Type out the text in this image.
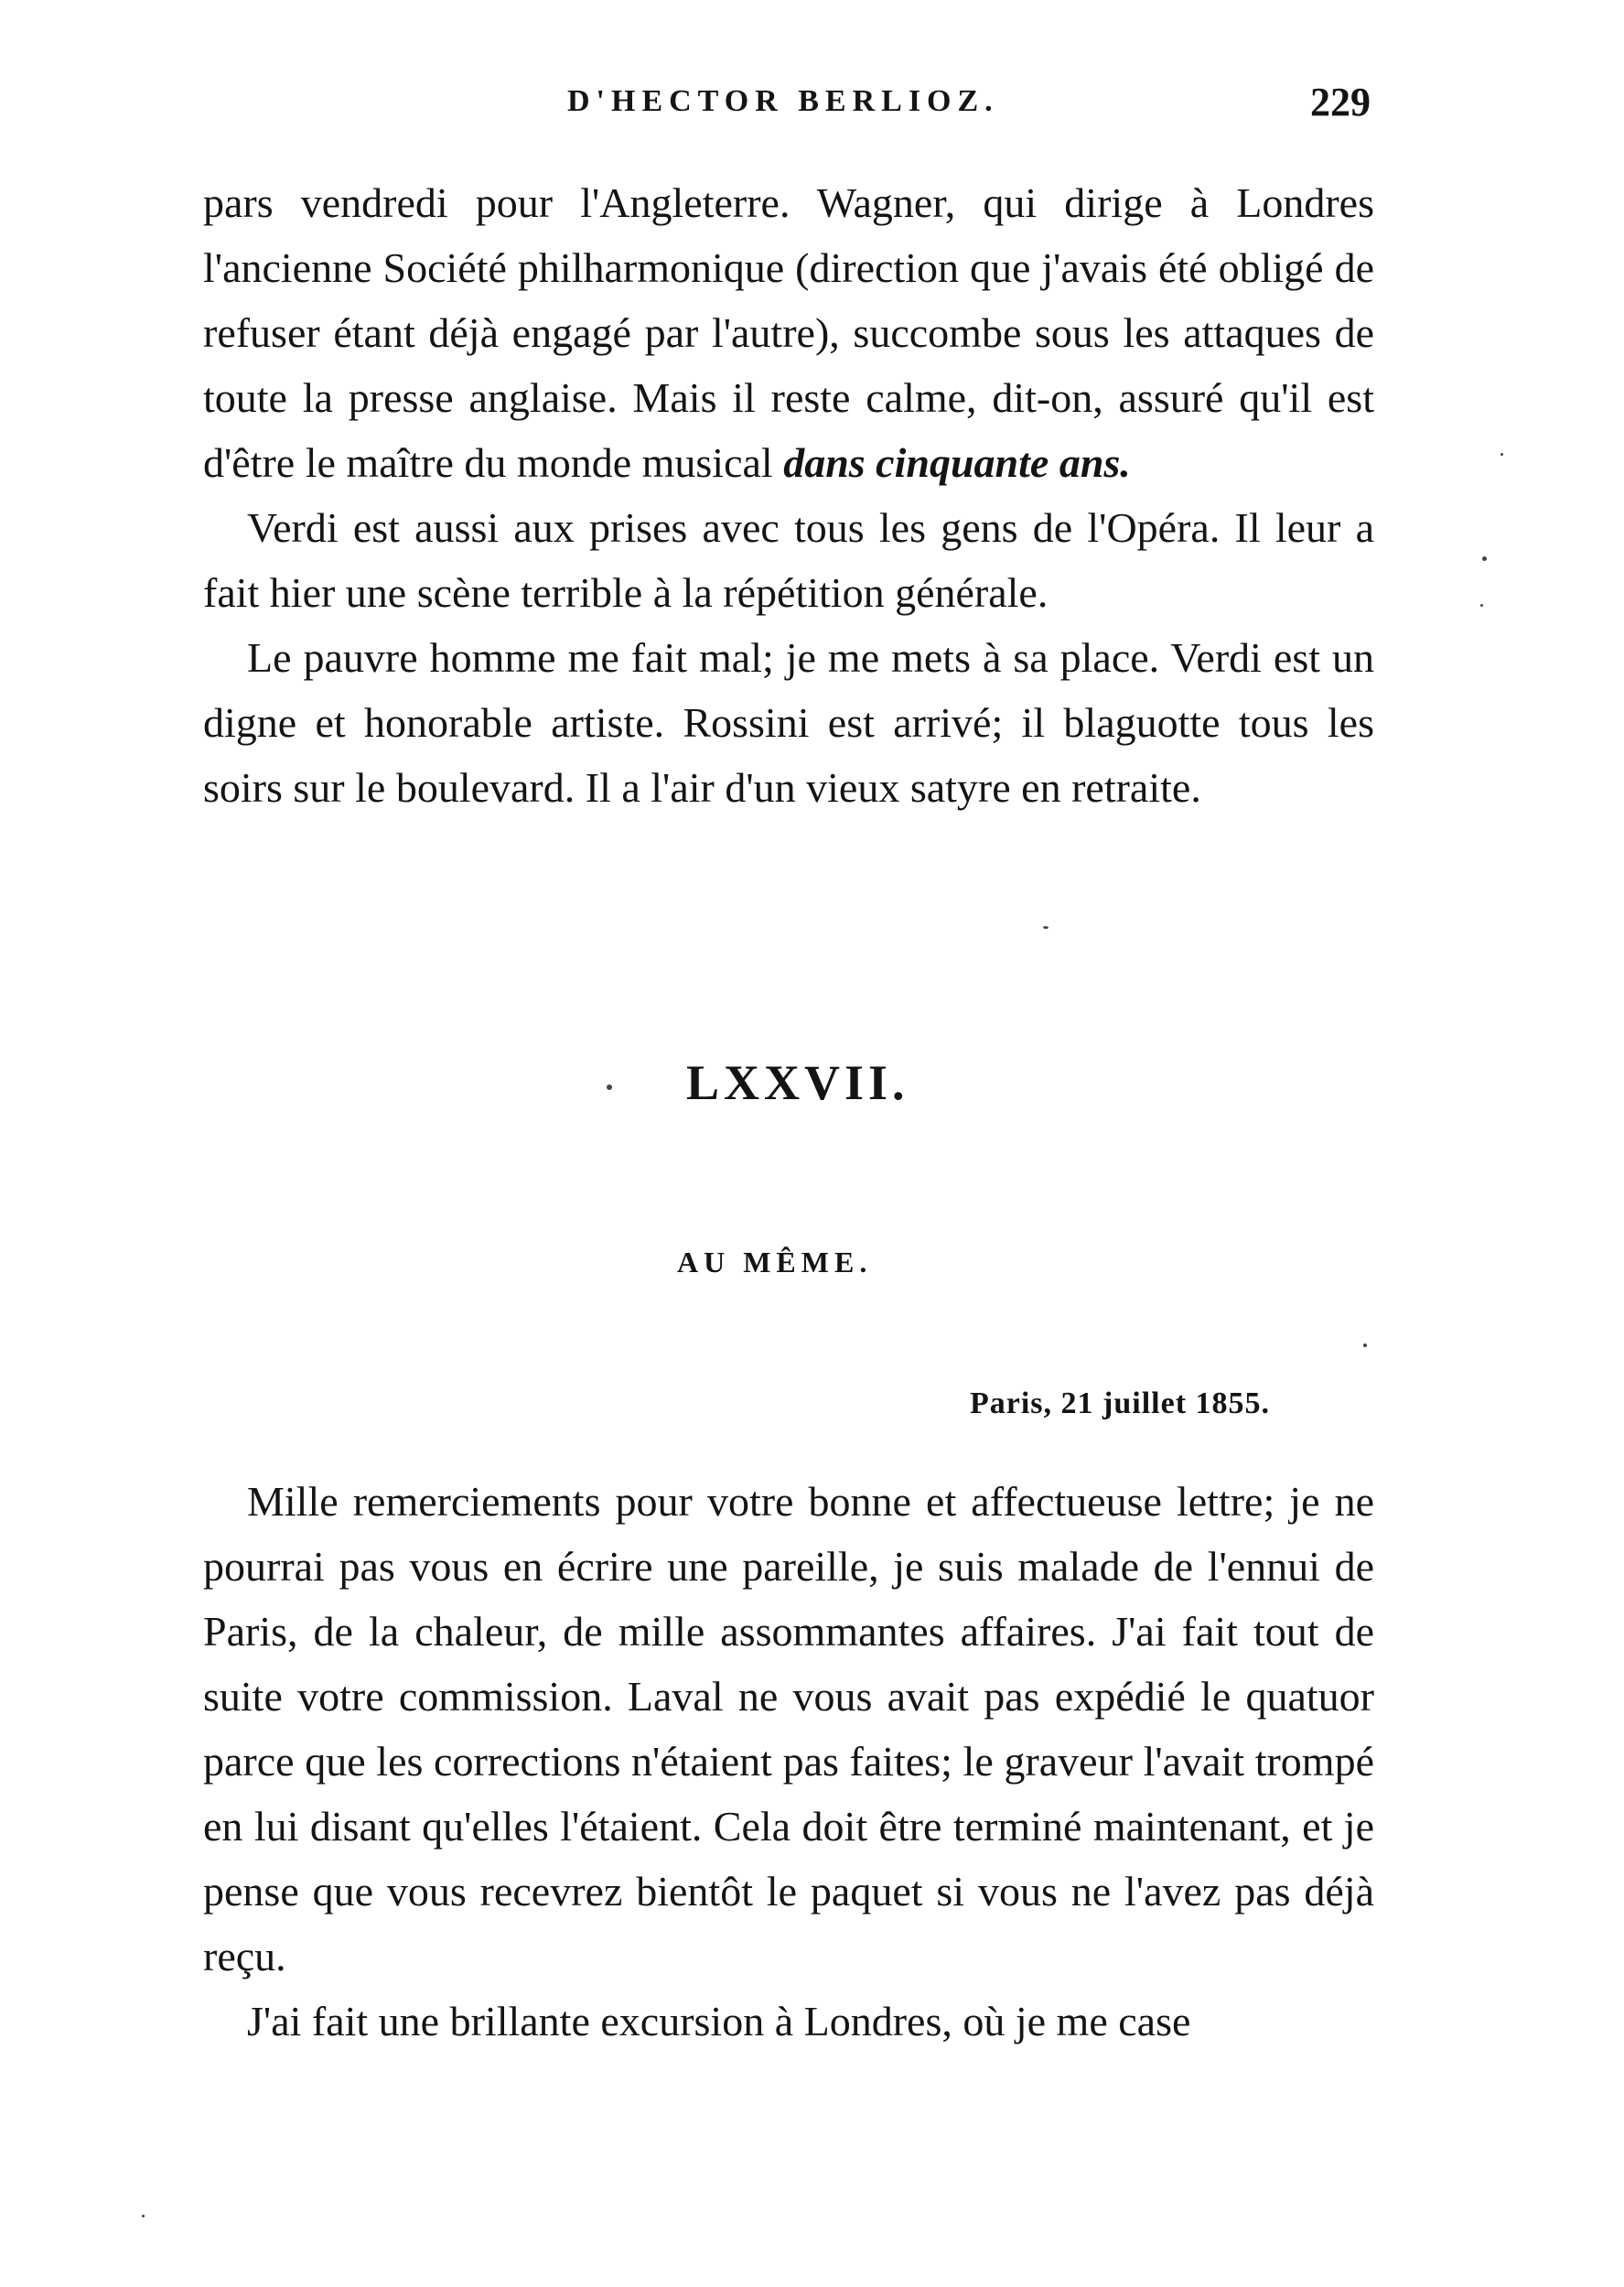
D'HECTOR BERLIOZ.	229

pars vendredi pour l'Angleterre. Wagner, qui dirige à Londres l'ancienne Société philharmonique (direction que j'avais été obligé de refuser étant déjà engagé par l'autre), succombe sous les attaques de toute la presse anglaise. Mais il reste calme, dit-on, assuré qu'il est d'être le maître du monde musical dans cinquante ans.

Verdi est aussi aux prises avec tous les gens de l'Opéra. Il leur a fait hier une scène terrible à la répétition générale.

Le pauvre homme me fait mal; je me mets à sa place. Verdi est un digne et honorable artiste. Rossini est arrivé; il blaguotte tous les soirs sur le boulevard. Il a l'air d'un vieux satyre en retraite.

LXXVII.
AU MÊME.
Paris, 21 juillet 1855.

Mille remerciements pour votre bonne et affectueuse lettre; je ne pourrai pas vous en écrire une pareille, je suis malade de l'ennui de Paris, de la chaleur, de mille assommantes affaires. J'ai fait tout de suite votre commission. Laval ne vous avait pas expédié le quatuor parce que les corrections n'étaient pas faites; le graveur l'avait trompé en lui disant qu'elles l'étaient. Cela doit être terminé maintenant, et je pense que vous recevrez bientôt le paquet si vous ne l'avez pas déjà reçu.

J'ai fait une brillante excursion à Londres, où je me case
